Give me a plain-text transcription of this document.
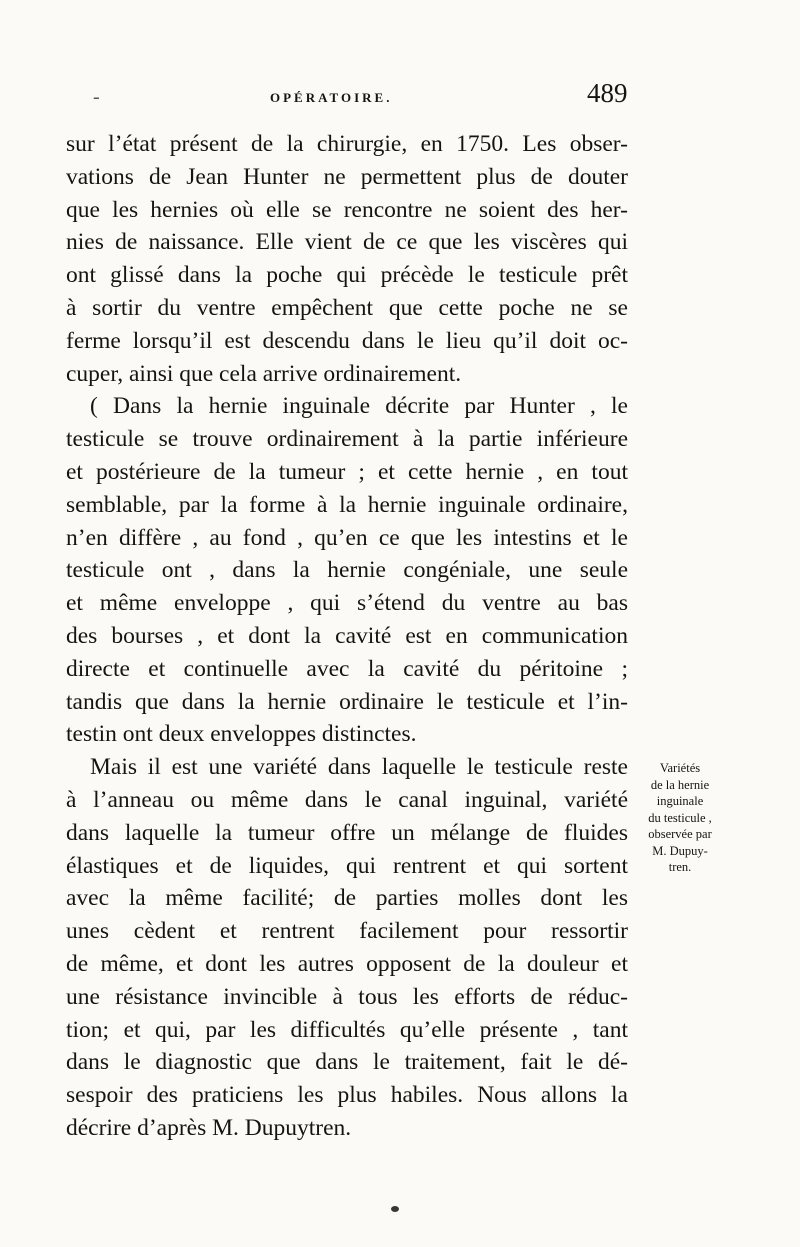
-	OPÉRATOIRE.	489

sur l’état présent de la chirurgie, en 1750. Les obser-
vations de Jean Hunter ne permettent plus de douter
que les hernies où elle se rencontre ne soient des her-
nies de naissance. Elle vient de ce que les viscères qui
ont glissé dans la poche qui précède le testicule prêt
à sortir du ventre empêchent que cette poche ne se
ferme lorsqu’il est descendu dans le lieu qu’il doit oc-
cuper, ainsi que cela arrive ordinairement.
( Dans la hernie inguinale décrite par Hunter , le
testicule se trouve ordinairement à la partie inférieure
et postérieure de la tumeur ; et cette hernie , en tout
semblable, par la forme à la hernie inguinale ordinaire,
n’en diffère , au fond , qu’en ce que les intestins et le
testicule ont , dans la hernie congéniale, une seule
et même enveloppe , qui s’étend du ventre au bas
des bourses , et dont la cavité est en communication
directe et continuelle avec la cavité du péritoine ;
tandis que dans la hernie ordinaire le testicule et l’in-
testin ont deux enveloppes distinctes.
Mais il est une variété dans laquelle le testicule reste
à l’anneau ou même dans le canal inguinal, variété
dans laquelle la tumeur offre un mélange de fluides
élastiques et de liquides, qui rentrent et qui sortent
avec la même facilité; de parties molles dont les
unes cèdent et rentrent facilement pour ressortir
de même, et dont les autres opposent de la douleur et
une résistance invincible à tous les efforts de réduc-
tion; et qui, par les difficultés qu’elle présente , tant
dans le diagnostic que dans le traitement, fait le dé-
sespoir des praticiens les plus habiles. Nous allons la
décrire d’après M. Dupuytren.
Variétés
de la hernie
inguinale
du testicule ,
observée par
M. Dupuy-
tren.
